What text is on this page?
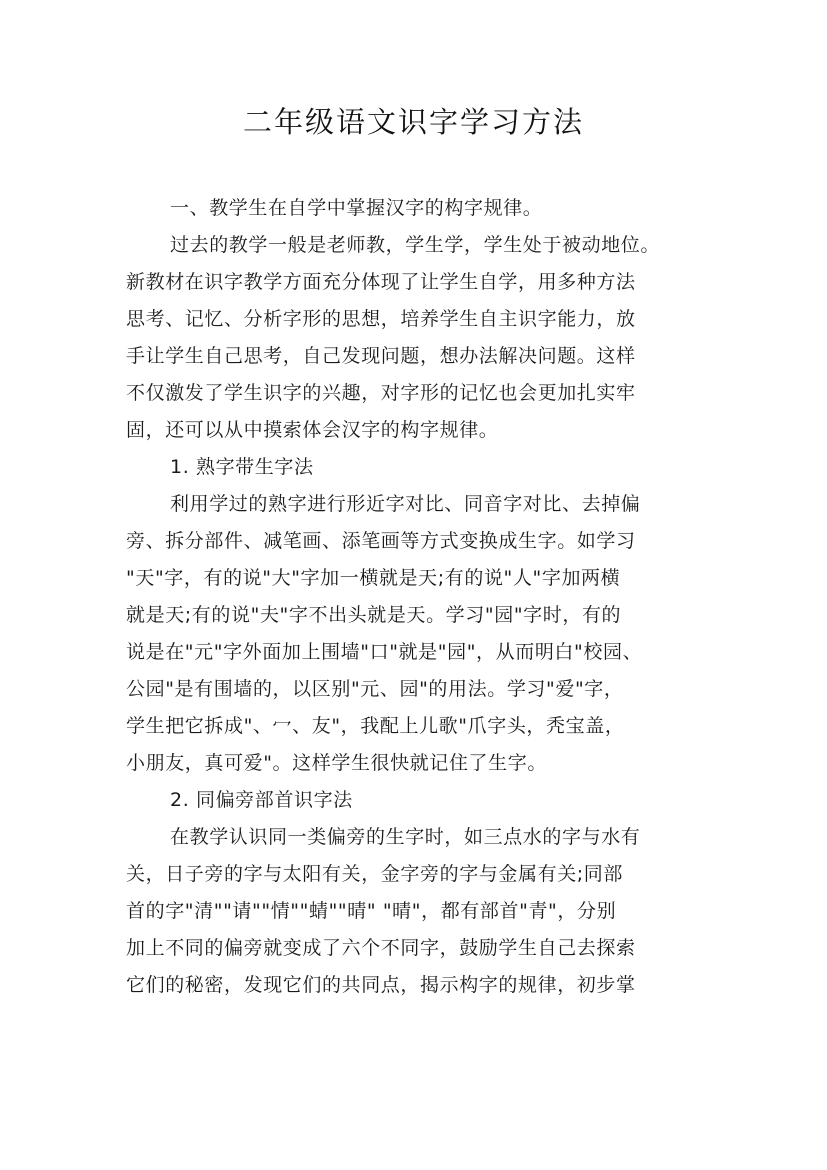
二年级语文识字学习方法
一、教学生在自学中掌握汉字的构字规律。
过去的教学一般是老师教，学生学，学生处于被动地位。
新教材在识字教学方面充分体现了让学生自学，用多种方法
思考、记忆、分析字形的思想，培养学生自主识字能力，放
手让学生自己思考，自己发现问题，想办法解决问题。这样
不仅激发了学生识字的兴趣，对字形的记忆也会更加扎实牢
固，还可以从中摸索体会汉字的构字规律。
1. 熟字带生字法
利用学过的熟字进行形近字对比、同音字对比、去掉偏
旁、拆分部件、减笔画、添笔画等方式变换成生字。如学习
"天"字，有的说"大"字加一横就是天;有的说"人"字加两横
就是天;有的说"夫"字不出头就是天。学习"园"字时，有的
说是在"元"字外面加上围墙"口"就是"园"，从而明白"校园、
公园"是有围墙的，以区别"元、园"的用法。学习"爱"字，
学生把它拆成"、冖、友"，我配上儿歌"爪字头，秃宝盖，
小朋友，真可爱"。这样学生很快就记住了生字。
2. 同偏旁部首识字法
在教学认识同一类偏旁的生字时，如三点水的字与水有
关，日子旁的字与太阳有关，金字旁的字与金属有关;同部
首的字"清""请""情""蜻""晴" "晴"，都有部首"青"，分别
加上不同的偏旁就变成了六个不同字，鼓励学生自己去探索
它们的秘密，发现它们的共同点，揭示构字的规律，初步掌
